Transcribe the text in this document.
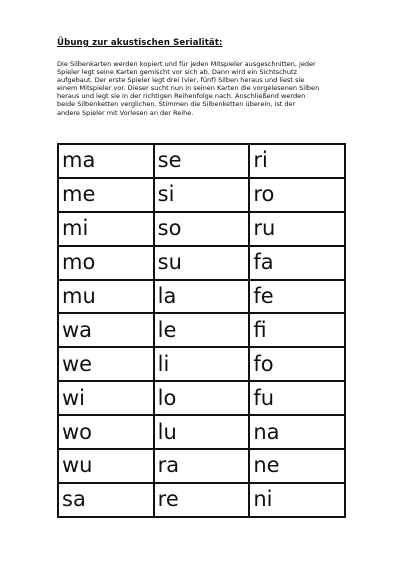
Übung zur akustischen Serialität:
Die Silbenkarten werden kopiert und für jeden Mitspieler ausgeschnitten, jeder
Spieler legt seine Karten gemischt vor sich ab. Dann wird ein Sichtschutz
aufgebaut. Der erste Spieler legt drei (vier, fünf) Silben heraus und liest sie
einem Mitspieler vor. Dieser sucht nun in seinen Karten die vorgelesenen Silben
heraus und legt sie in der richtigen Reihenfolge nach. Anschließend werden
beide Silbenketten verglichen. Stimmen die Silbenketten überein, ist der
andere Spieler mit Vorlesen an der Reihe.
ma	se	ri
me	si	ro
mi	so	ru
mo	su	fa
mu	la	fe
wa	le	fi
we	li	fo
wi	lo	fu
wo	lu	na
wu	ra	ne
sa	re	ni
